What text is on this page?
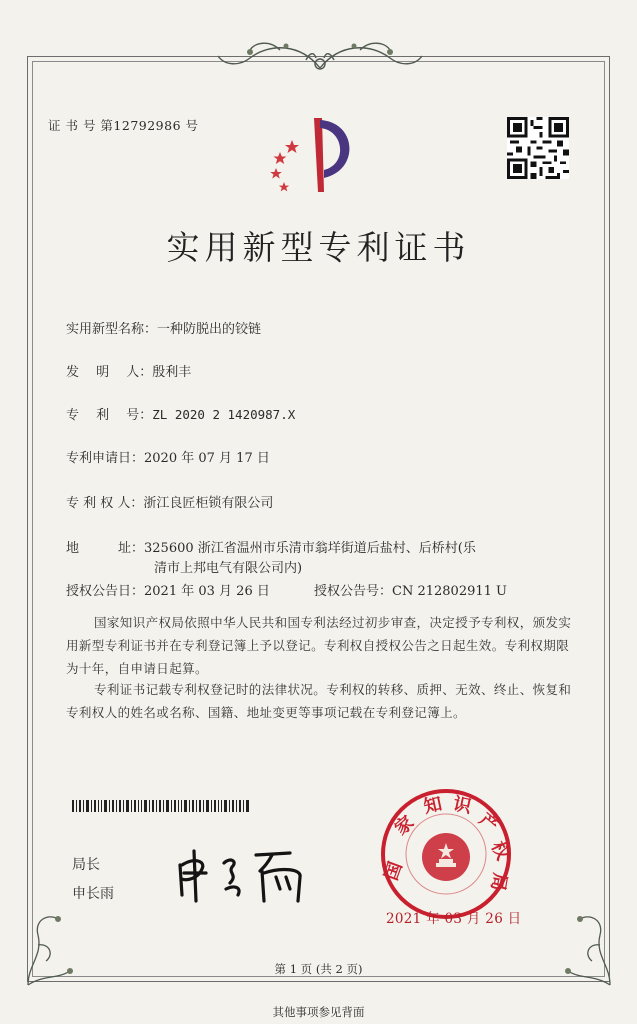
证 书 号 第12792986 号
实用新型专利证书
实用新型名称：一种防脱出的铰链
发　 明　 人：殷利丰
专　 利　 号：ZL 2020 2 1420987.X
专利申请日：2020 年 07 月 17 日
专 利 权 人：浙江良匠柜锁有限公司
地　　　址：325600 浙江省温州市乐清市翁垟街道后盐村、后桥村(乐
清市上邦电气有限公司内)
授权公告日：2021 年 03 月 26 日	授权公告号：CN 212802911 U
国家知识产权局依照中华人民共和国专利法经过初步审查，决定授予专利权，颁发实用新型专利证书并在专利登记簿上予以登记。专利权自授权公告之日起生效。专利权期限为十年，自申请日起算。
专利证书记载专利权登记时的法律状况。专利权的转移、质押、无效、终止、恢复和专利权人的姓名或名称、国籍、地址变更等事项记载在专利登记簿上。
局长
申长雨
国
家
知 识
产
权
局
2021 年 03 月 26 日
第 1 页 (共 2 页)
其他事项参见背面
